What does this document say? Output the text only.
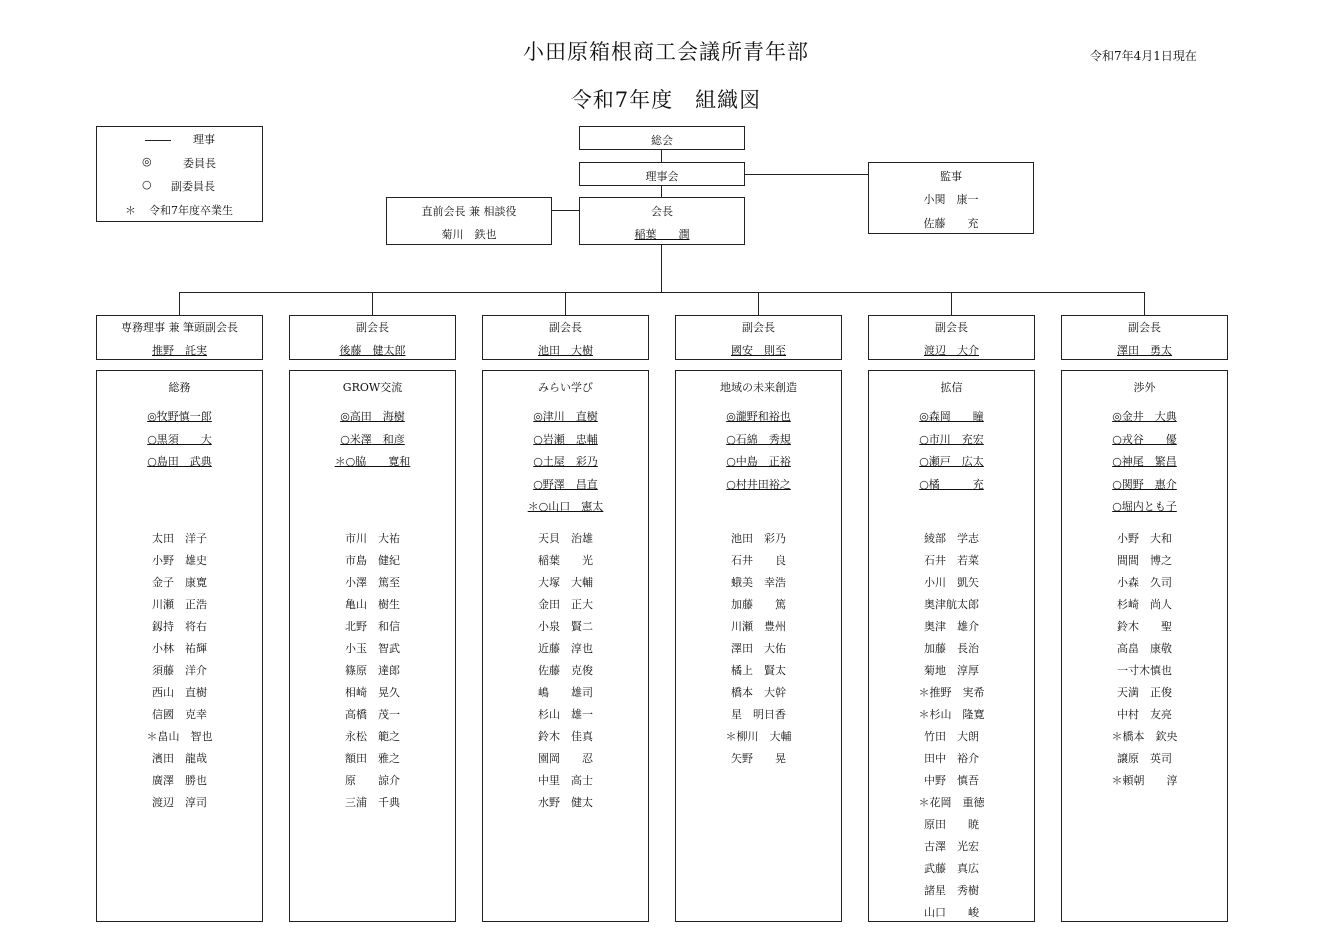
小田原箱根商工会議所青年部
令和7年度　組織図
令和7年4月1日現在
理事
◎	委員長
○ 副委員長
＊ 令和7年度卒業生
総会
理事会
会長
稲葉　　潤
直前会長 兼 相談役
菊川　鉄也
監事
小関　康一
佐藤　　充
専務理事 兼 筆頭副会長
推野　託実
副会長
後藤　健太郎
副会長
池田　大樹
副会長
國安　則至
副会長
渡辺　大介
副会長
澤田　勇太
総務
◎牧野慎一郎
○黒須　　大
○島田　武典
太田　洋子
小野　雄史
金子　康寛
川瀬　正浩
釼持　将右
小林　祐輝
須藤　洋介
西山　直樹
信國　克幸
＊畠山　智也
濱田　龍哉
廣澤　勝也
渡辺　淳司
GROW交流
◎高田　海樹
○米澤　和彦
＊○脇　　寛和
市川　大祐
市島　健紀
小澤　篤至
亀山　樹生
北野　和信
小玉　智武
篠原　達郎
相崎　晃久
高橋　茂一
永松　範之
額田　雅之
原　　諒介
三浦　千典
みらい学び
◎津川　直樹
○岩瀬　忠輔
○土屋　彩乃
○野澤　昌直
＊○山口　憲太
天貝　治雄
稲葉　　光
大塚　大輔
金田　正大
小泉　賢二
近藤　淳也
佐藤　克俊
嶋　　雄司
杉山　雄一
鈴木　佳真
園岡　　忍
中里　高士
水野　健太
地域の未来創造
◎瀧野和裕也
○石綿　秀規
○中島　正裕
○村井田裕之
池田　彩乃
石井　　良
蛾美　幸浩
加藤　　篤
川瀬　豊州
澤田　大佑
橘上　賢太
橋本　大幹
星　明日香
＊柳川　大輔
矢野　　晃
拡信
◎森岡　　瞳
○市川　充宏
○瀬戸　広太
○橘　　　充
綾部　学志
石井　若菜
小川　凱矢
奥津航太郎
奥津　雄介
加藤　長治
菊地　淳厚
＊推野　実希
＊杉山　隆寛
竹田　大朗
田中　裕介
中野　慎吾
＊花岡　重徳
原田　　暁
古澤　光宏
武藤　真広
諸星　秀樹
山口　　峻
渉外
◎金井　大典
○戎谷　　優
○神尾　繁昌
○関野　惠介
○堀内とも子
小野　大和
間間　博之
小森　久司
杉崎　尚人
鈴木　　聖
高畠　康敬
一寸木慎也
天満　正俊
中村　友亮
＊橋本　欽央
譲原　英司
＊頼朝　　淳
